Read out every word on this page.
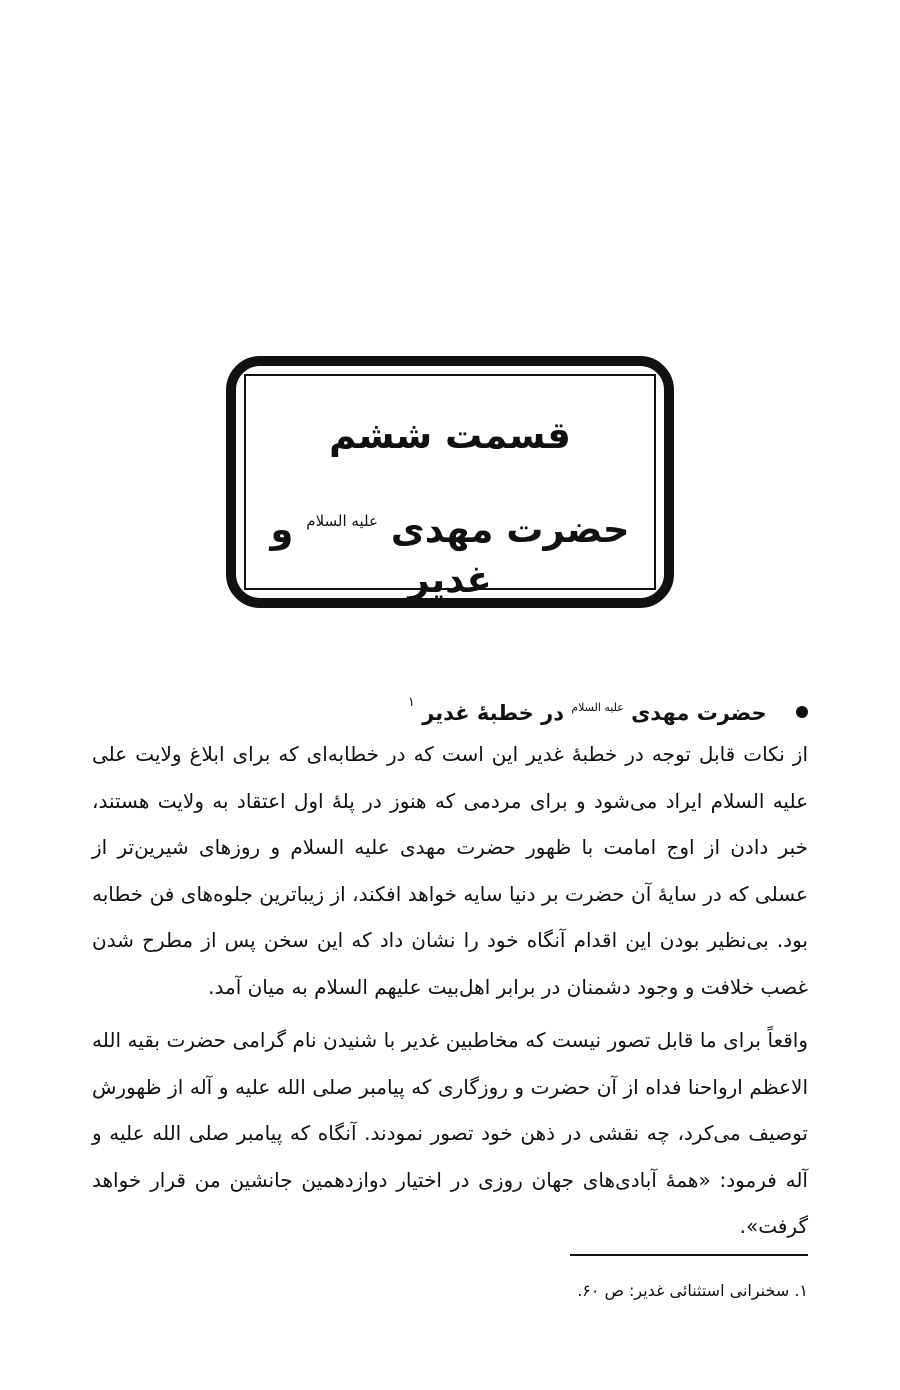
قسمت ششم
حضرت مهدی $^{علیه السلام}$ و غدیر
حضرت مهدی $^{علیه السلام}$ در خطبهٔ غدیر $^۱$

از نکات قابل توجه در خطبهٔ غدیر این است که در خطابه‌ای که برای ابلاغ ولایت علی علیه السلام ایراد می‌شود و برای مردمی که هنوز در پلهٔ اول اعتقاد به ولایت هستند، خبر دادن از اوج امامت با ظهور حضرت مهدی علیه السلام و روزهای شیرین‌تر از عسلی که در سایهٔ آن حضرت بر دنیا سایه خواهد افکند، از زیباترین جلوه‌های فن خطابه بود. بی‌نظیر بودن این اقدام آنگاه خود را نشان داد که این سخن پس از مطرح شدن غصب خلافت و وجود دشمنان در برابر اهل‌بیت علیهم السلام به میان آمد.

واقعاً برای ما قابل تصور نیست که مخاطبین غدیر با شنیدن نام گرامی حضرت بقیه الله الاعظم ارواحنا فداه از آن حضرت و روزگاری که پیامبر صلی الله علیه و آله از ظهورش توصیف می‌کرد، چه نقشی در ذهن خود تصور نمودند. آنگاه که پیامبر صلی الله علیه و آله فرمود: «همهٔ آبادی‌های جهان روزی در اختیار دوازدهمین جانشین من قرار خواهد گرفت».

۱. سخنرانی استثنائی غدیر: ص ۶۰.
